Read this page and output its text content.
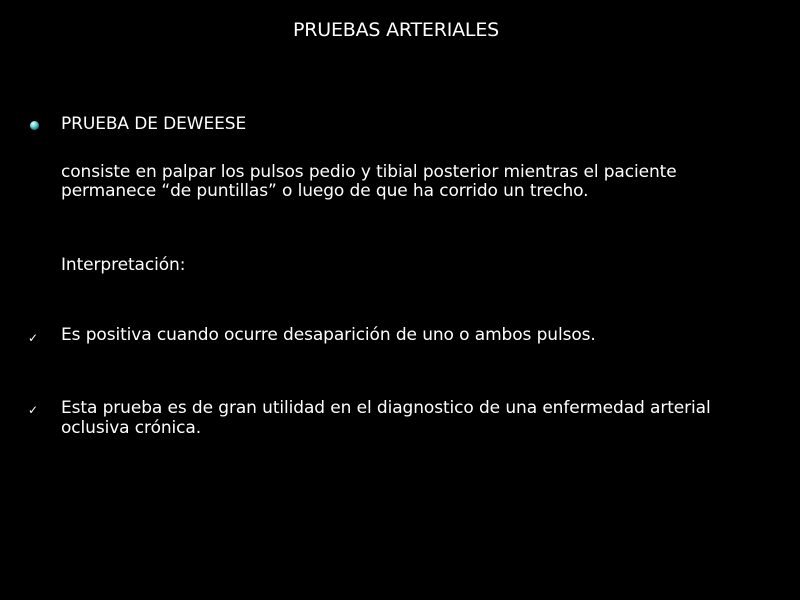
PRUEBAS ARTERIALES
PRUEBA DE DEWEESE
consiste en palpar los pulsos pedio y tibial posterior mientras el paciente
permanece “de puntillas” o luego de que ha corrido un trecho.
Interpretación:
✓ Es positiva cuando ocurre desaparición de uno o ambos pulsos.
✓ Esta prueba es de gran utilidad en el diagnostico de una enfermedad arterial
oclusiva crónica.
